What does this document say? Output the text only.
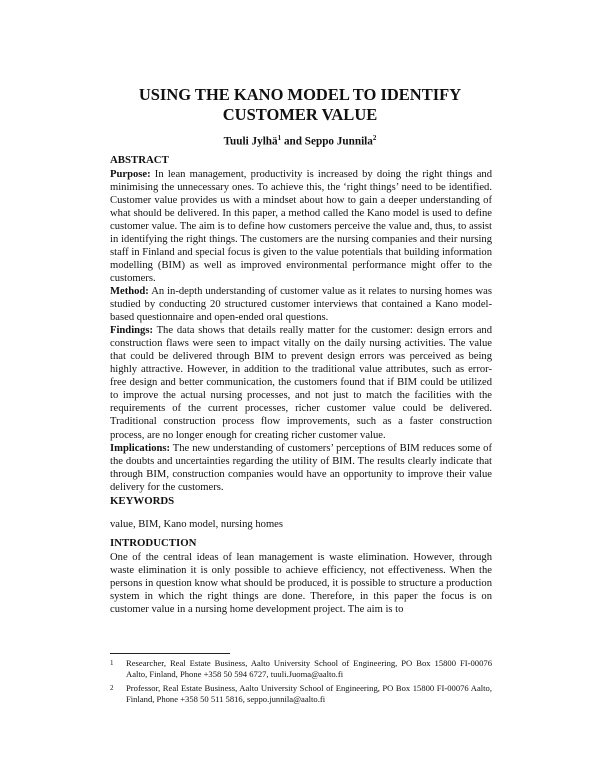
USING THE KANO MODEL TO IDENTIFY CUSTOMER VALUE
Tuuli Jylhä$^1$ and Seppo Junnila$^2$
ABSTRACT

Purpose: In lean management, productivity is increased by doing the right things and minimising the unnecessary ones. To achieve this, the ‘right things’ need to be identified. Customer value provides us with a mindset about how to gain a deeper understanding of what should be delivered. In this paper, a method called the Kano model is used to define customer value. The aim is to define how customers perceive the value and, thus, to assist in identifying the right things. The customers are the nursing companies and their nursing staff in Finland and special focus is given to the value potentials that building information modelling (BIM) as well as improved environmental performance might offer to the customers.

Method: An in-depth understanding of customer value as it relates to nursing homes was studied by conducting 20 structured customer interviews that contained a Kano model-based questionnaire and open-ended oral questions.

Findings: The data shows that details really matter for the customer: design errors and construction flaws were seen to impact vitally on the daily nursing activities. The value that could be delivered through BIM to prevent design errors was perceived as being highly attractive. However, in addition to the traditional value attributes, such as error-free design and better communication, the customers found that if BIM could be utilized to improve the actual nursing processes, and not just to match the facilities with the requirements of the current processes, richer customer value could be delivered. Traditional construction process flow improvements, such as a faster construction process, are no longer enough for creating richer customer value.

Implications: The new understanding of customers’ perceptions of BIM reduces some of the doubts and uncertainties regarding the utility of BIM. The results clearly indicate that through BIM, construction companies would have an opportunity to improve their value delivery for the customers.

KEYWORDS

value, BIM, Kano model, nursing homes

INTRODUCTION

One of the central ideas of lean management is waste elimination. However, through waste elimination it is only possible to achieve efficiency, not effectiveness. When the persons in question know what should be produced, it is possible to structure a production system in which the right things are done. Therefore, in this paper the focus is on customer value in a nursing home development project. The aim is to

1	Researcher, Real Estate Business, Aalto University School of Engineering, PO Box 15800 FI-00076 Aalto, Finland, Phone +358 50 594 6727, tuuli.Juoma@aalto.fi
2	Professor, Real Estate Business, Aalto University School of Engineering, PO Box 15800 FI-00076 Aalto, Finland, Phone +358 50 511 5816, seppo.junnila@aalto.fi
